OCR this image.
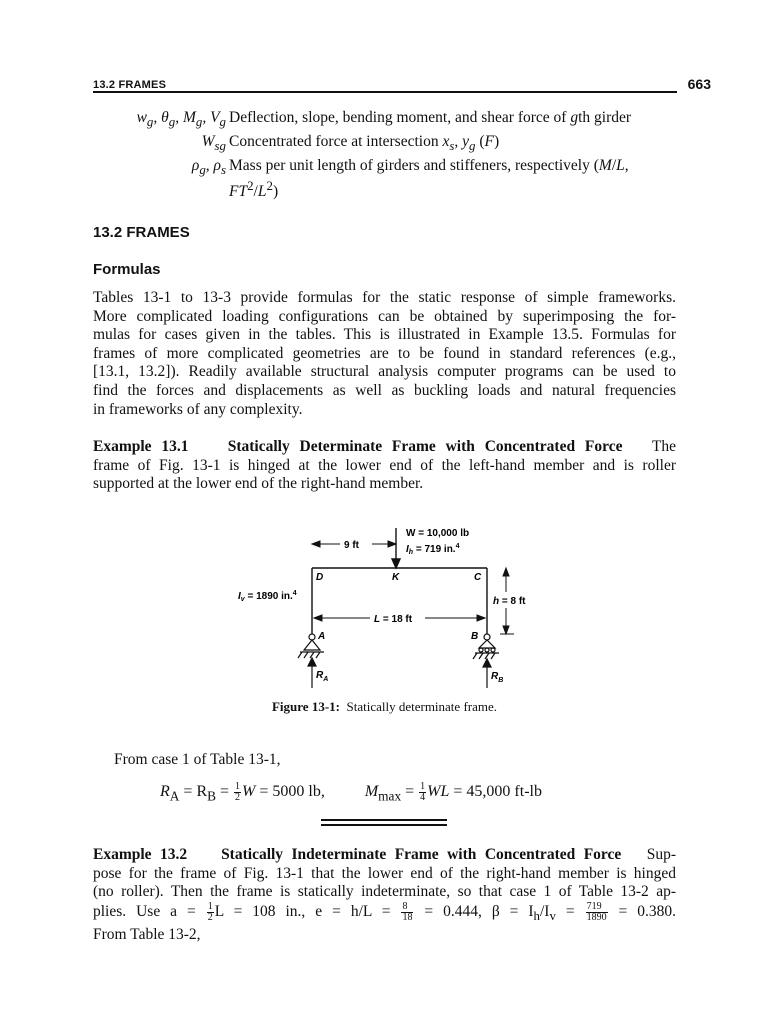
13.2 FRAMES	663
$w_g$, $\theta_g$, $M_g$, $V_g$ Deflection, slope, bending moment, and shear force of gth girder
$W_{sg}$ Concentrated force at intersection $x_s$, $y_g$ (F)
$\rho_g$, $\rho_s$ Mass per unit length of girders and stiffeners, respectively (M/L,
$FT^2/L^2$)
13.2 FRAMES
Formulas
Tables 13-1 to 13-3 provide formulas for the static response of simple frameworks.
More complicated loading configurations can be obtained by superimposing the for-
mulas for cases given in the tables. This is illustrated in Example 13.5. Formulas for
frames of more complicated geometries are to be found in standard references (e.g.,
[13.1, 13.2]). Readily available structural analysis computer programs can be used to
find the forces and displacements as well as buckling loads and natural frequencies
in frameworks of any complexity.
Example 13.1	Statically Determinate Frame with Concentrated Force The
frame of Fig. 13-1 is hinged at the lower end of the left-hand member and is roller
supported at the lower end of the right-hand member.
9 ft
W = 10,000 lb
$I_h = 719$ in.$^4$
D	K	C
$I_v = 1890$ in.$^4$
L = 18 ft
h = 8 ft
A	B
$R_A$	$R_B$
Figure 13-1: Statically determinate frame.
From case 1 of Table 13-1,
$R_A = R_B = \frac{1}{2}$ W = 5000 lb,	$M_{max} = \frac{1}{4}$ WL = 45,000 ft-lb
Example 13.2 Statically Indeterminate Frame with Concentrated Force Sup-
pose for the frame of Fig. 13-1 that the lower end of the right-hand member is hinged
(no roller). Then the frame is statically indeterminate, so that case 1 of Table 13-2 ap-
plies. Use $a = \frac{1}{2}$ L = 108 in., $e = h/L = \frac{8}{18} = 0.444$, $\beta = I_h/I_v = \frac{719}{1890} = 0.380$.
From Table 13-2,
